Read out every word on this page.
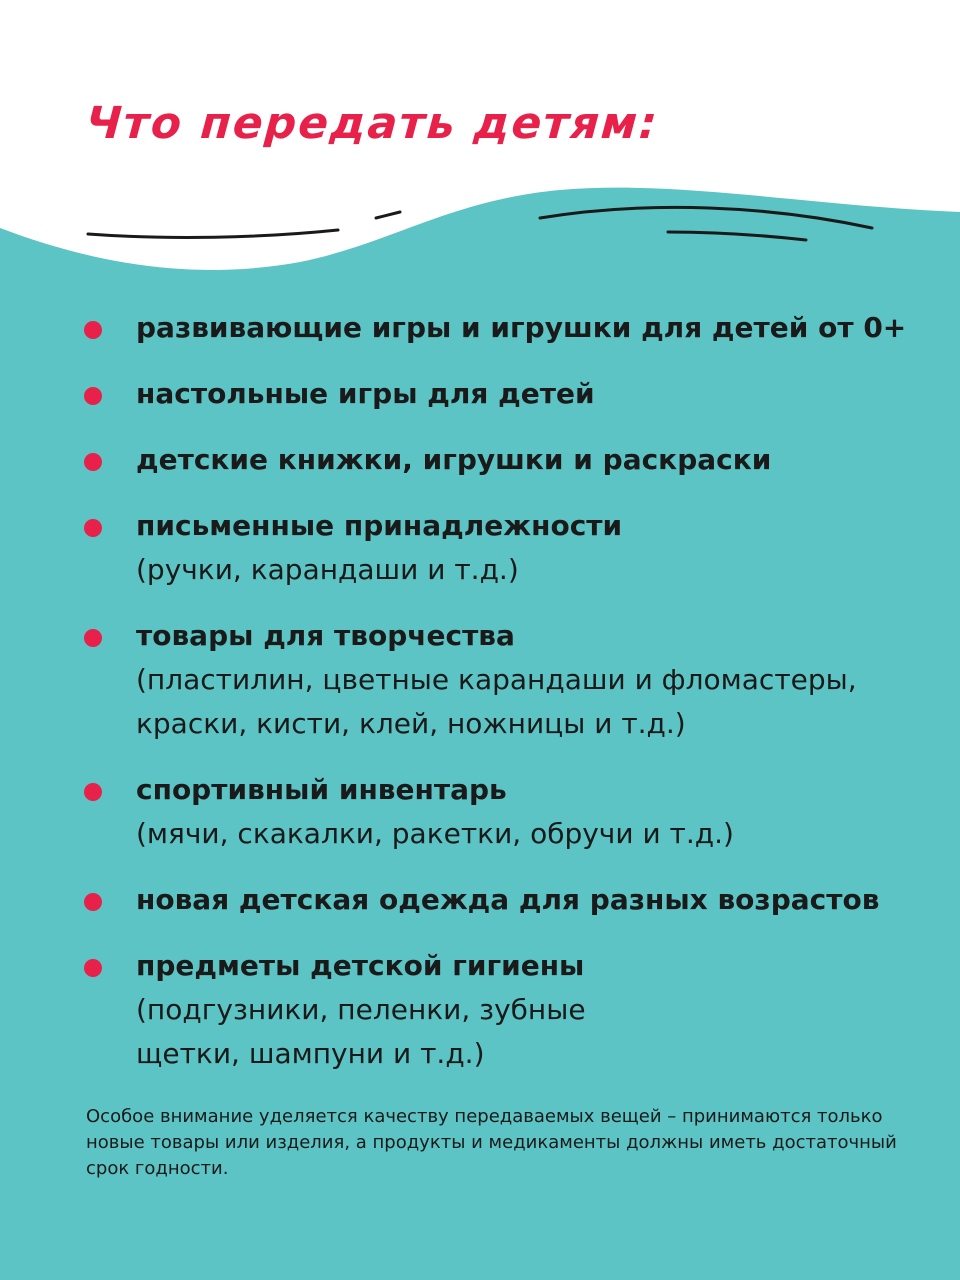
Что передать детям:
развивающие игры и игрушки для детей от 0+
настольные игры для детей
детские книжки, игрушки и раскраски
письменные принадлежности
(ручки, карандаши и т.д.)
товары для творчества
(пластилин, цветные карандаши и фломастеры,
краски, кисти, клей, ножницы и т.д.)
спортивный инвентарь
(мячи, скакалки, ракетки, обручи и т.д.)
новая детская одежда для разных возрастов
предметы детской гигиены
(подгузники, пеленки, зубные
щетки, шампуни и т.д.)

Особое внимание уделяется качеству передаваемых вещей – принимаются только новые товары или изделия, а продукты и медикаменты должны иметь достаточный срок годности.
